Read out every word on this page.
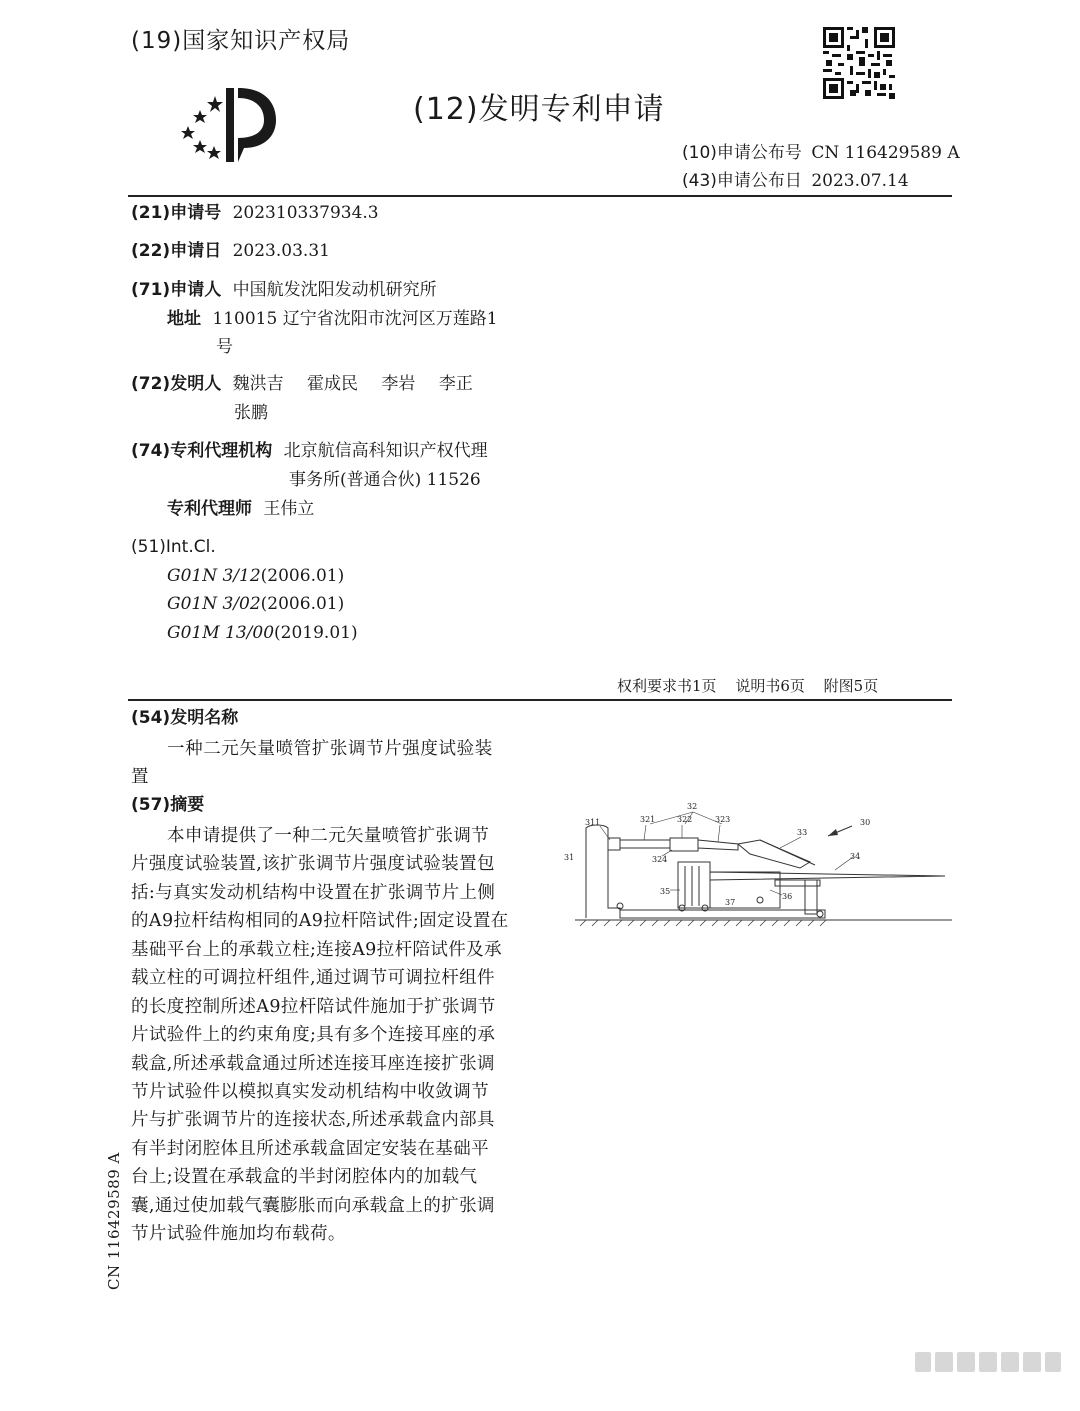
(19)国家知识产权局
(12)发明专利申请
(10)申请公布号 CN 116429589 A
(43)申请公布日 2023.07.14
(21)申请号 202310337934.3
(22)申请日 2023.03.31
(71)申请人 中国航发沈阳发动机研究所
地址 110015 辽宁省沈阳市沈河区万莲路1
号
(72)发明人 魏洪吉 霍成民 李岩 李正
张鹏
(74)专利代理机构 北京航信高科知识产权代理
事务所(普通合伙) 11526
专利代理师 王伟立
(51)Int.Cl.
G01N 3/12(2006.01)
G01N 3/02(2006.01)
G01M 13/00(2019.01)
权利要求书1页 说明书6页 附图5页
(54)发明名称
一种二元矢量喷管扩张调节片强度试验装
置
(57)摘要
本申请提供了一种二元矢量喷管扩张调节
片强度试验装置,该扩张调节片强度试验装置包
括:与真实发动机结构中设置在扩张调节片上侧
的A9拉杆结构相同的A9拉杆陪试件;固定设置在
基础平台上的承载立柱;连接A9拉杆陪试件及承
载立柱的可调拉杆组件,通过调节可调拉杆组件
的长度控制所述A9拉杆陪试件施加于扩张调节
片试验件上的约束角度;具有多个连接耳座的承
载盒,所述承载盒通过所述连接耳座连接扩张调
节片试验件以模拟真实发动机结构中收敛调节
片与扩张调节片的连接状态,所述承载盒内部具
有半封闭腔体且所述承载盒固定安装在基础平
台上;设置在承载盒的半封闭腔体内的加载气
囊,通过使加载气囊膨胀而向承载盒上的扩张调
节片试验件施加均布载荷。
CN 116429589 A
30
31
311
32
321	322	323
324
33
34
35
36
37
